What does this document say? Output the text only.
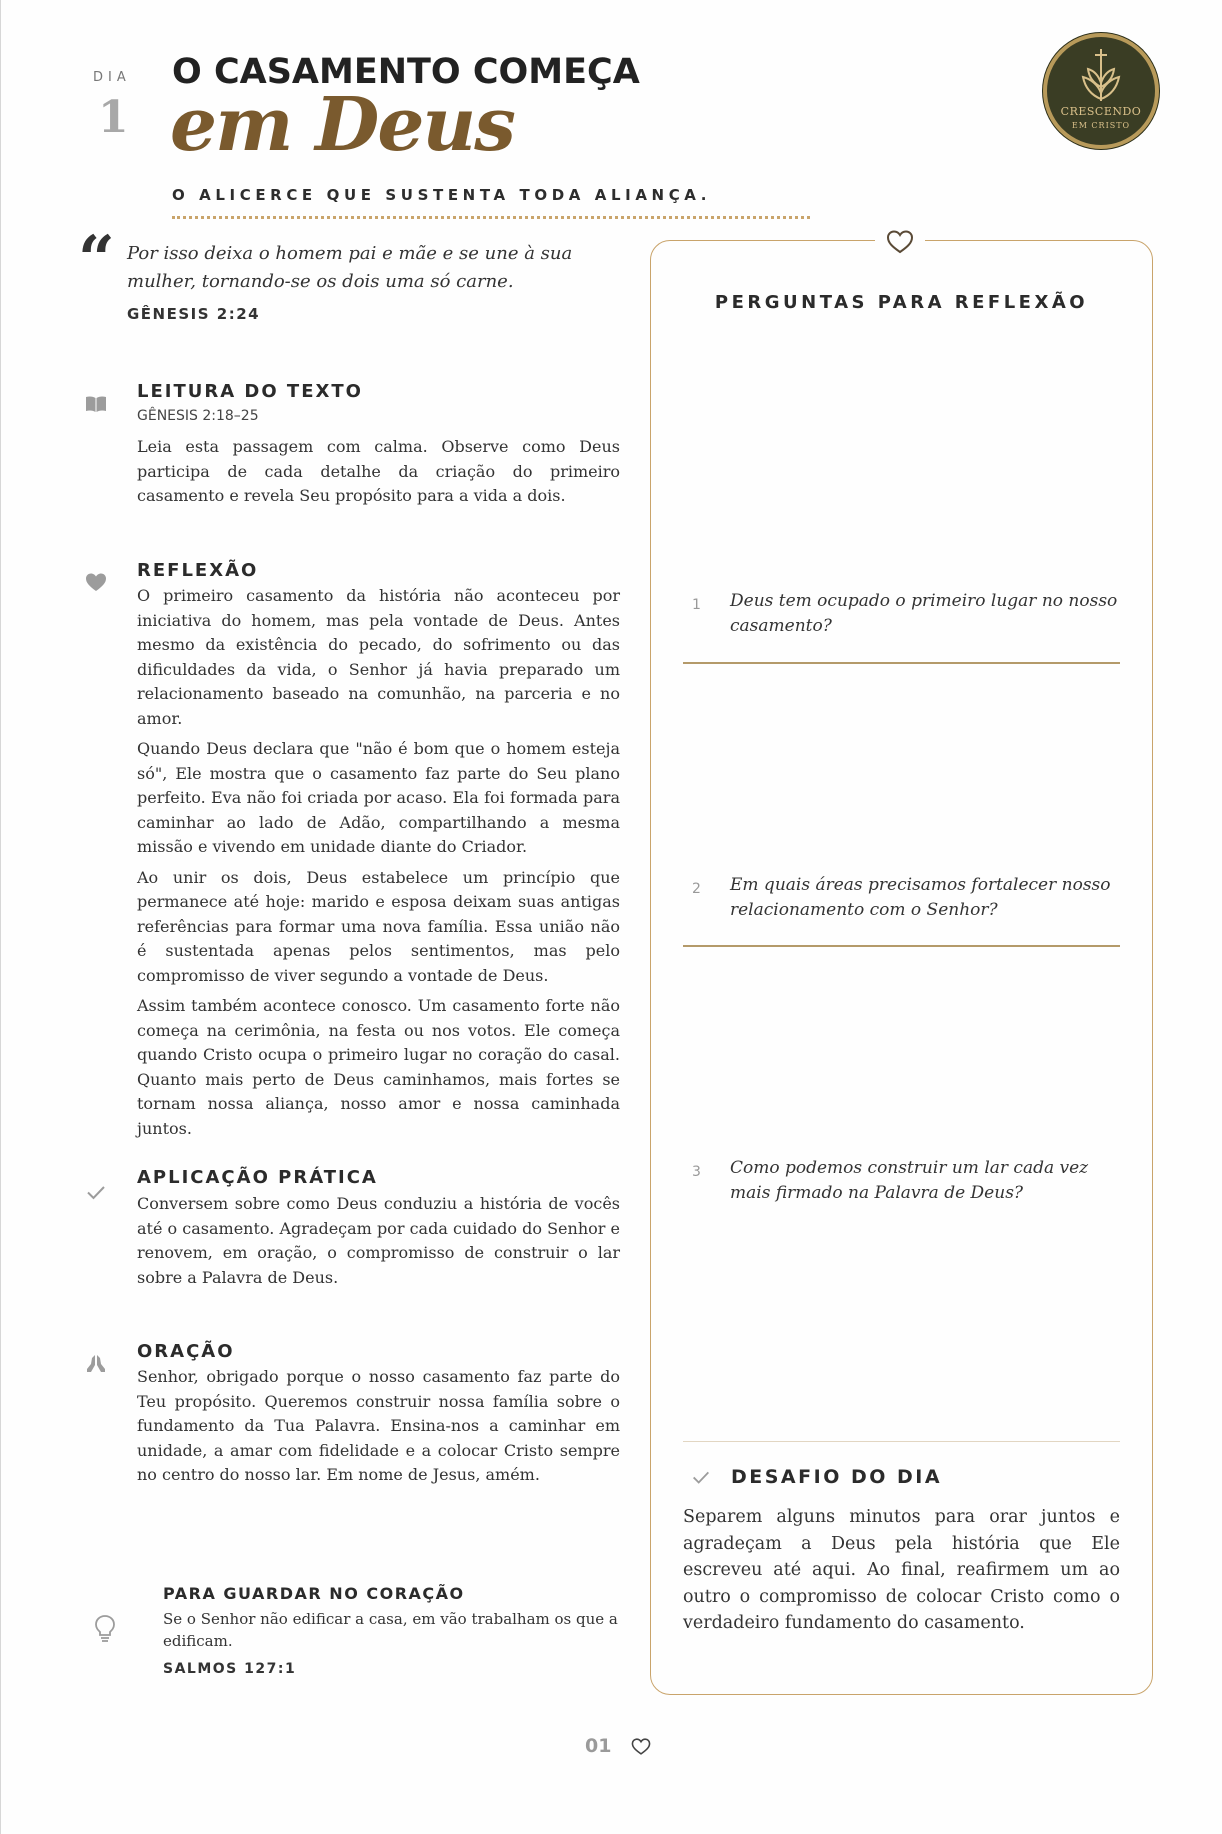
DIA
1
O CASAMENTO COMEÇA
em Deus
O ALICERCE QUE SUSTENTA TODA ALIANÇA.
CRESCENDO
EM CRISTO
“ Por isso deixa o homem pai e mãe e se une à sua mulher, tornando-se os dois uma só carne.
GÊNESIS 2:24
LEITURA DO TEXTO
GÊNESIS 2:18–25
Leia esta passagem com calma. Observe como Deus participa de cada detalhe da criação do primeiro casamento e revela Seu propósito para a vida a dois.
REFLEXÃO

O primeiro casamento da história não aconteceu por iniciativa do homem, mas pela vontade de Deus. Antes mesmo da existência do pecado, do sofrimento ou das dificuldades da vida, o Senhor já havia preparado um relacionamento baseado na comunhão, na parceria e no amor.

Quando Deus declara que "não é bom que o homem esteja só", Ele mostra que o casamento faz parte do Seu plano perfeito. Eva não foi criada por acaso. Ela foi formada para caminhar ao lado de Adão, compartilhando a mesma missão e vivendo em unidade diante do Criador.

Ao unir os dois, Deus estabelece um princípio que permanece até hoje: marido e esposa deixam suas antigas referências para formar uma nova família. Essa união não é sustentada apenas pelos sentimentos, mas pelo compromisso de viver segundo a vontade de Deus.

Assim também acontece conosco. Um casamento forte não começa na cerimônia, na festa ou nos votos. Ele começa quando Cristo ocupa o primeiro lugar no coração do casal. Quanto mais perto de Deus caminhamos, mais fortes se tornam nossa aliança, nosso amor e nossa caminhada juntos.

APLICAÇÃO PRÁTICA
Conversem sobre como Deus conduziu a história de vocês até o casamento. Agradeçam por cada cuidado do Senhor e renovem, em oração, o compromisso de construir o lar sobre a Palavra de Deus.
ORAÇÃO
Senhor, obrigado porque o nosso casamento faz parte do Teu propósito. Queremos construir nossa família sobre o fundamento da Tua Palavra. Ensina-nos a caminhar em unidade, a amar com fidelidade e a colocar Cristo sempre no centro do nosso lar. Em nome de Jesus, amém.
PARA GUARDAR NO CORAÇÃO
Se o Senhor não edificar a casa, em vão trabalham os que a edificam.
SALMOS 127:1
PERGUNTAS PARA REFLEXÃO
1 Deus tem ocupado o primeiro lugar no nosso casamento?
2 Em quais áreas precisamos fortalecer nosso relacionamento com o Senhor?
3 Como podemos construir um lar cada vez mais firmado na Palavra de Deus?
DESAFIO DO DIA
Separem alguns minutos para orar juntos e agradeçam a Deus pela história que Ele escreveu até aqui. Ao final, reafirmem um ao outro o compromisso de colocar Cristo como o verdadeiro fundamento do casamento.
01
